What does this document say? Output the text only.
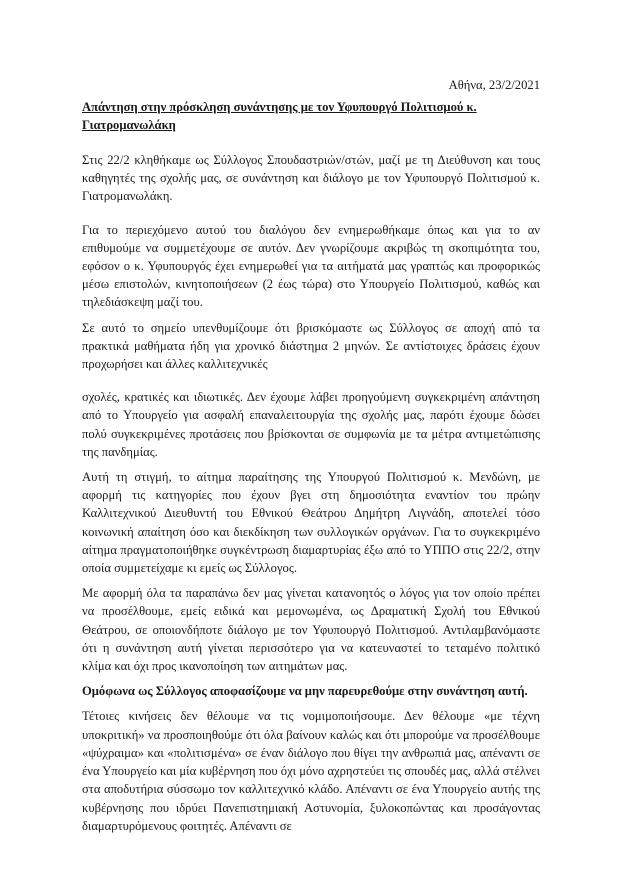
Αθήνα, 23/2/2021
Απάντηση στην πρόσκληση συνάντησης με τον Υφυπουργό Πολιτισμού κ. Γιατρομανωλάκη

Στις 22/2 κληθήκαμε ως Σύλλογος Σπουδαστριών/στών, μαζί με τη Διεύθυνση και τους καθηγητές της σχολής μας, σε συνάντηση και διάλογο με τον Υφυπουργό Πολιτισμού κ. Γιατρομανωλάκη.

Για το περιεχόμενο αυτού του διαλόγου δεν ενημερωθήκαμε όπως και για το αν επιθυμούμε να συμμετέχουμε σε αυτόν. Δεν γνωρίζουμε ακριβώς τη σκοπιμότητα του, εφόσον ο κ. Υφυπουργός έχει ενημερωθεί για τα αιτήματά μας γραπτώς και προφορικώς μέσω επιστολών, κινητοποιήσεων (2 έως τώρα) στο Υπουργείο Πολιτισμού, καθώς και τηλεδιάσκεψη μαζί του.

Σε αυτό το σημείο υπενθυμίζουμε ότι βρισκόμαστε ως Σύλλογος σε αποχή από τα πρακτικά μαθήματα ήδη για χρονικό διάστημα 2 μηνών. Σε αντίστοιχες δράσεις έχουν προχωρήσει και άλλες καλλιτεχνικές

σχολές, κρατικές και ιδιωτικές. Δεν έχουμε λάβει προηγούμενη συγκεκριμένη απάντηση από το Υπουργείο για ασφαλή επαναλειτουργία της σχολής μας, παρότι έχουμε δώσει πολύ συγκεκριμένες προτάσεις που βρίσκονται σε συμφωνία με τα μέτρα αντιμετώπισης της πανδημίας.

Αυτή τη στιγμή, το αίτημα παραίτησης της Υπουργού Πολιτισμού κ. Μενδώνη, με αφορμή τις κατηγορίες που έχουν βγει στη δημοσιότητα εναντίον του πρώην Καλλιτεχνικού Διευθυντή του Εθνικού Θεάτρου Δημήτρη Λιγνάδη, αποτελεί τόσο κοινωνική απαίτηση όσο και διεκδίκηση των συλλογικών οργάνων. Για το συγκεκριμένο αίτημα πραγματοποιήθηκε συγκέντρωση διαμαρτυρίας έξω από το ΥΠΠΟ στις 22/2, στην οποία συμμετείχαμε κι εμείς ως Σύλλογος.

Με αφορμή όλα τα παραπάνω δεν μας γίνεται κατανοητός ο λόγος για τον οποίο πρέπει να προσέλθουμε, εμείς ειδικά και μεμονωμένα, ως Δραματική Σχολή του Εθνικού Θεάτρου, σε οποιονδήποτε διάλογο με τον Υφυπουργό Πολιτισμού. Αντιλαμβανόμαστε ότι η συνάντηση αυτή γίνεται περισσότερο για να κατευναστεί το τεταμένο πολιτικό κλίμα και όχι προς ικανοποίηση των αιτημάτων μας.

Ομόφωνα ως Σύλλογος αποφασίζουμε να μην παρευρεθούμε στην συνάντηση αυτή.

Τέτοιες κινήσεις δεν θέλουμε να τις νομιμοποιήσουμε. Δεν θέλουμε «με τέχνη υποκριτική» να προσποιηθούμε ότι όλα βαίνουν καλώς και ότι μπορούμε να προσέλθουμε «ψύχραιμα» και «πολιτισμένα» σε έναν διάλογο που θίγει την ανθρωπιά μας, απέναντι σε ένα Υπουργείο και μία κυβέρνηση που όχι μόνο αχρηστεύει τις σπουδές μας, αλλά στέλνει στα αποδυτήρια σύσσωμο τον καλλιτεχνικό κλάδο. Απέναντι σε ένα Υπουργείο αυτής της κυβέρνησης που ιδρύει Πανεπιστημιακή Αστυνομία, ξυλοκοπώντας και προσάγοντας διαμαρτυρόμενους φοιτητές. Απέναντι σε
